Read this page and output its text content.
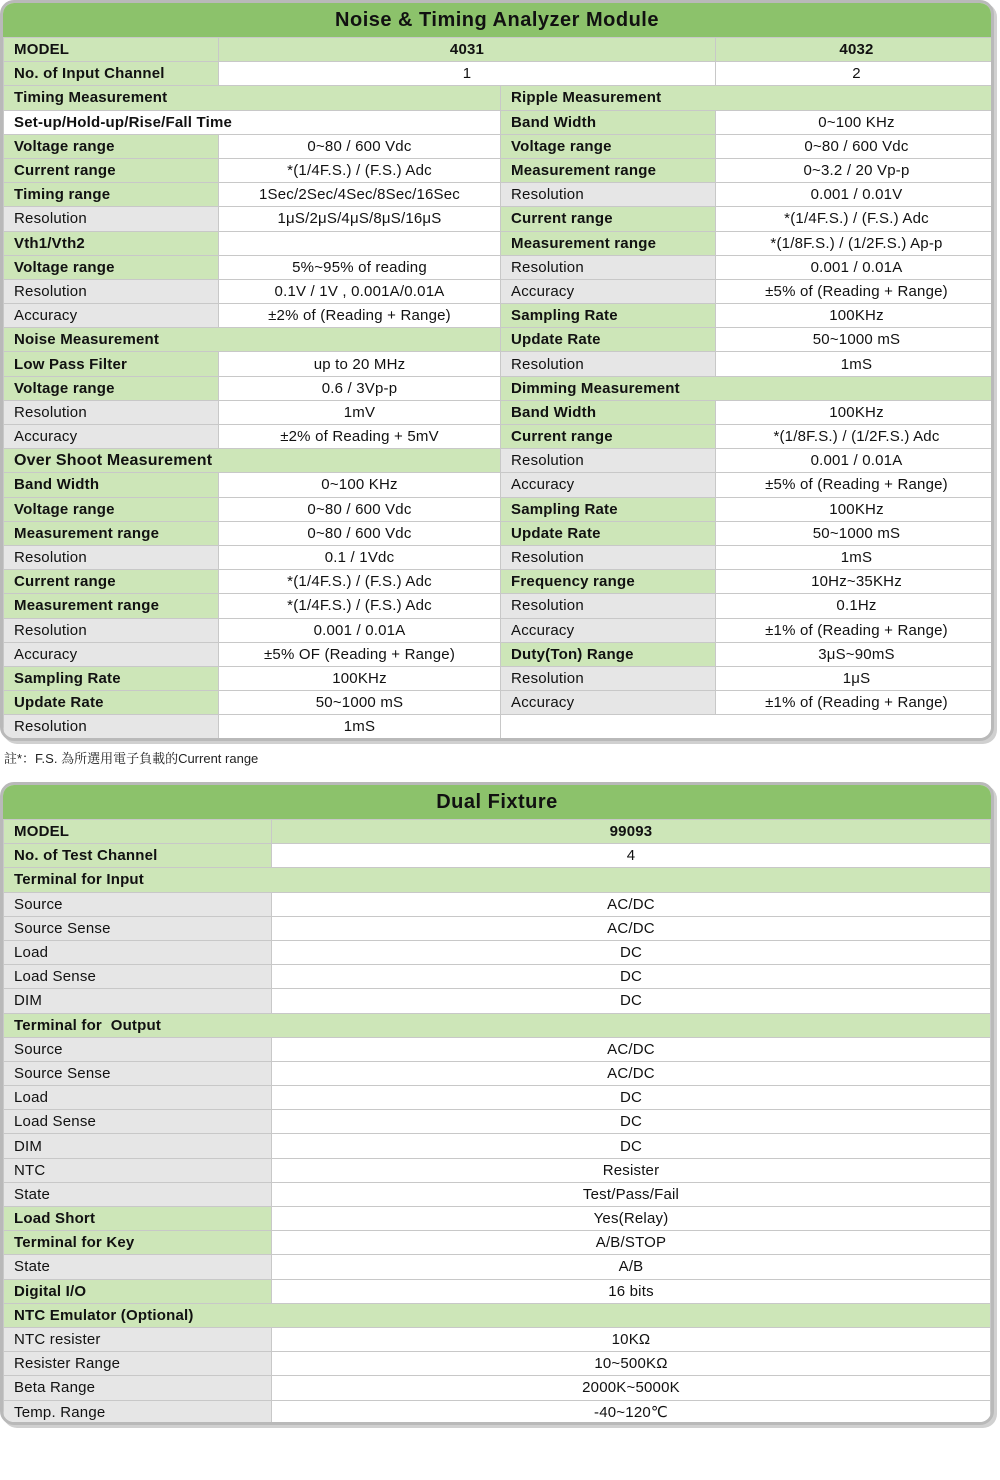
Noise & Timing Analyzer Module
MODEL	4031		4032
No. of Input Channel	1		2
Timing Measurement		Ripple Measurement	
Set-up/Hold-up/Rise/Fall Time		Band Width	0~100 KHz
Voltage range	0~80 / 600 Vdc	Voltage range	0~80 / 600 Vdc
Current range	*(1/4F.S.) / (F.S.) Adc	Measurement range	0~3.2 / 20 Vp-p
Timing range	1Sec/2Sec/4Sec/8Sec/16Sec	Resolution	0.001 / 0.01V
Resolution	1μS/2μS/4μS/8μS/16μS	Current range	*(1/4F.S.) / (F.S.) Adc
Vth1/Vth2		Measurement range	*(1/8F.S.) / (1/2F.S.) Ap-p
Voltage range	5%~95% of reading	Resolution	0.001 / 0.01A
Resolution	0.1V / 1V , 0.001A/0.01A	Accuracy	±5% of (Reading + Range)
Accuracy	±2% of (Reading + Range)	Sampling Rate	100KHz
Noise Measurement		Update Rate	50~1000 mS
Low Pass Filter	up to 20 MHz	Resolution	1mS
Voltage range	0.6 / 3Vp-p	Dimming Measurement	
Resolution	1mV	Band Width	100KHz
Accuracy	±2% of Reading + 5mV	Current range	*(1/8F.S.) / (1/2F.S.) Adc
Over Shoot Measurement		Resolution	0.001 / 0.01A
Band Width	0~100 KHz	Accuracy	±5% of (Reading + Range)
Voltage range	0~80 / 600 Vdc	Sampling Rate	100KHz
Measurement range	0~80 / 600 Vdc	Update Rate	50~1000 mS
Resolution	0.1 / 1Vdc	Resolution	1mS
Current range	*(1/4F.S.) / (F.S.) Adc	Frequency range	10Hz~35KHz
Measurement range	*(1/4F.S.) / (F.S.) Adc	Resolution	0.1Hz
Resolution	0.001 / 0.01A	Accuracy	±1% of (Reading + Range)
Accuracy	±5% OF (Reading + Range)	Duty(Ton) Range	3μS~90mS
Sampling Rate	100KHz	Resolution	1μS
Update Rate	50~1000 mS	Accuracy	±1% of (Reading + Range)
Resolution	1mS		
註*：F.S. 為所選用電子負載的Current range
Dual Fixture
MODEL	99093
No. of Test Channel	4
Terminal for Input	
Source	AC/DC
Source Sense	AC/DC
Load	DC
Load Sense	DC
DIM	DC
Terminal for  Output	
Source	AC/DC
Source Sense	AC/DC
Load	DC
Load Sense	DC
DIM	DC
NTC	Resister
State	Test/Pass/Fail
Load Short	Yes(Relay)
Terminal for Key	A/B/STOP
State	A/B
Digital I/O	16 bits
NTC Emulator (Optional)	
NTC resister	10KΩ
Resister Range	10~500KΩ
Beta Range	2000K~5000K
Temp. Range	-40~120℃
